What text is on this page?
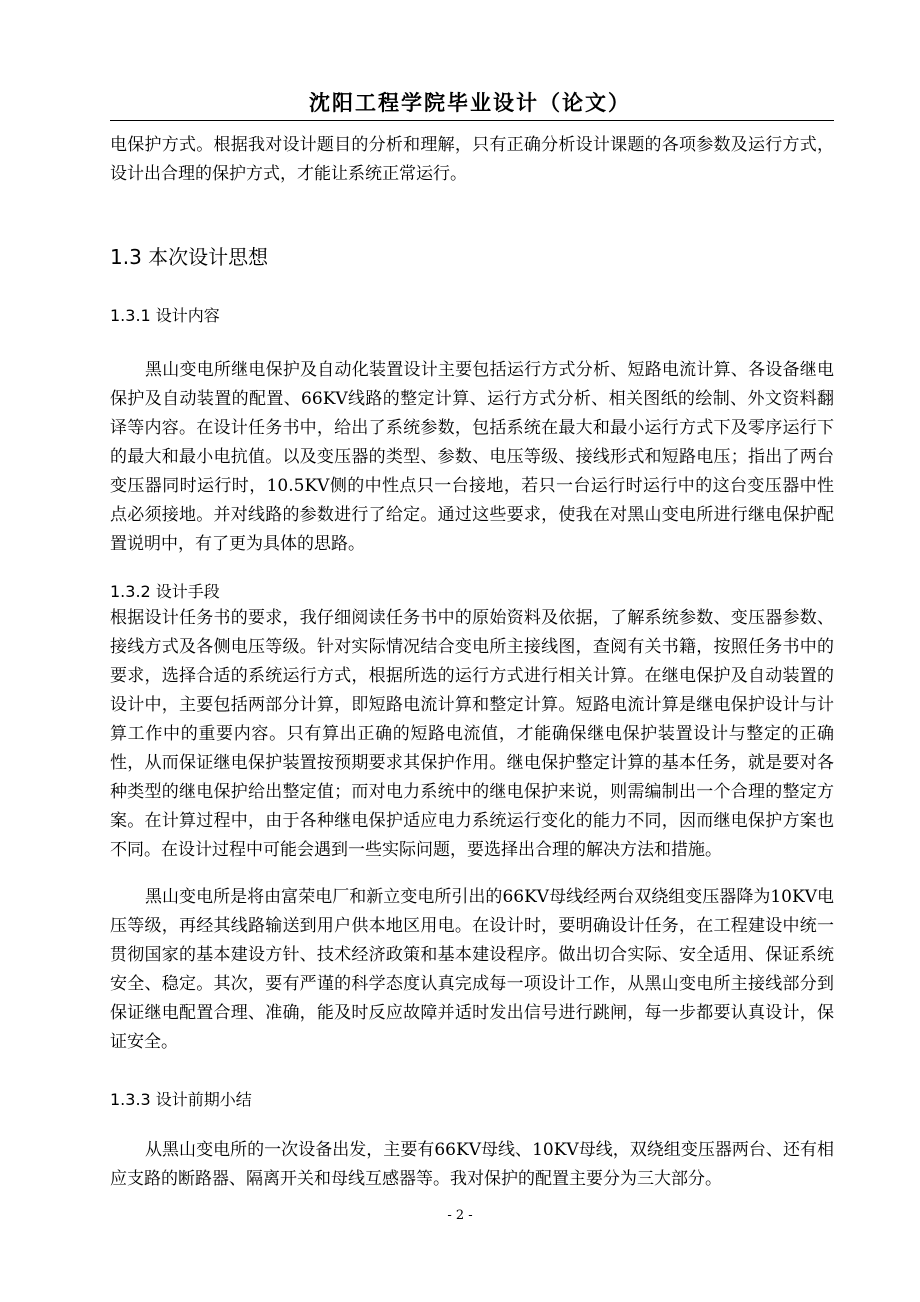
沈阳工程学院毕业设计（论文）

电保护方式。根据我对设计题目的分析和理解，只有正确分析设计课题的各项参数及运行方式，设计出合理的保护方式，才能让系统正常运行。

1.3 本次设计思想
1.3.1 设计内容

黑山变电所继电保护及自动化装置设计主要包括运行方式分析、短路电流计算、各设备继电保护及自动装置的配置、66KV线路的整定计算、运行方式分析、相关图纸的绘制、外文资料翻译等内容。在设计任务书中，给出了系统参数，包括系统在最大和最小运行方式下及零序运行下的最大和最小电抗值。以及变压器的类型、参数、电压等级、接线形式和短路电压；指出了两台变压器同时运行时，10.5KV侧的中性点只一台接地，若只一台运行时运行中的这台变压器中性点必须接地。并对线路的参数进行了给定。通过这些要求，使我在对黑山变电所进行继电保护配置说明中，有了更为具体的思路。

1.3.2 设计手段

根据设计任务书的要求，我仔细阅读任务书中的原始资料及依据，了解系统参数、变压器参数、接线方式及各侧电压等级。针对实际情况结合变电所主接线图，查阅有关书籍，按照任务书中的要求，选择合适的系统运行方式，根据所选的运行方式进行相关计算。在继电保护及自动装置的设计中，主要包括两部分计算，即短路电流计算和整定计算。短路电流计算是继电保护设计与计算工作中的重要内容。只有算出正确的短路电流值，才能确保继电保护装置设计与整定的正确性，从而保证继电保护装置按预期要求其保护作用。继电保护整定计算的基本任务，就是要对各种类型的继电保护给出整定值；而对电力系统中的继电保护来说，则需编制出一个合理的整定方案。在计算过程中，由于各种继电保护适应电力系统运行变化的能力不同，因而继电保护方案也不同。在设计过程中可能会遇到一些实际问题，要选择出合理的解决方法和措施。

黑山变电所是将由富荣电厂和新立变电所引出的66KV母线经两台双绕组变压器降为10KV电压等级，再经其线路输送到用户供本地区用电。在设计时，要明确设计任务，在工程建设中统一贯彻国家的基本建设方针、技术经济政策和基本建设程序。做出切合实际、安全适用、保证系统安全、稳定。其次，要有严谨的科学态度认真完成每一项设计工作，从黑山变电所主接线部分到保证继电配置合理、准确，能及时反应故障并适时发出信号进行跳闸，每一步都要认真设计，保证安全。

1.3.3 设计前期小结

从黑山变电所的一次设备出发，主要有66KV母线、10KV母线，双绕组变压器两台、还有相应支路的断路器、隔离开关和母线互感器等。我对保护的配置主要分为三大部分。

- 2 -
